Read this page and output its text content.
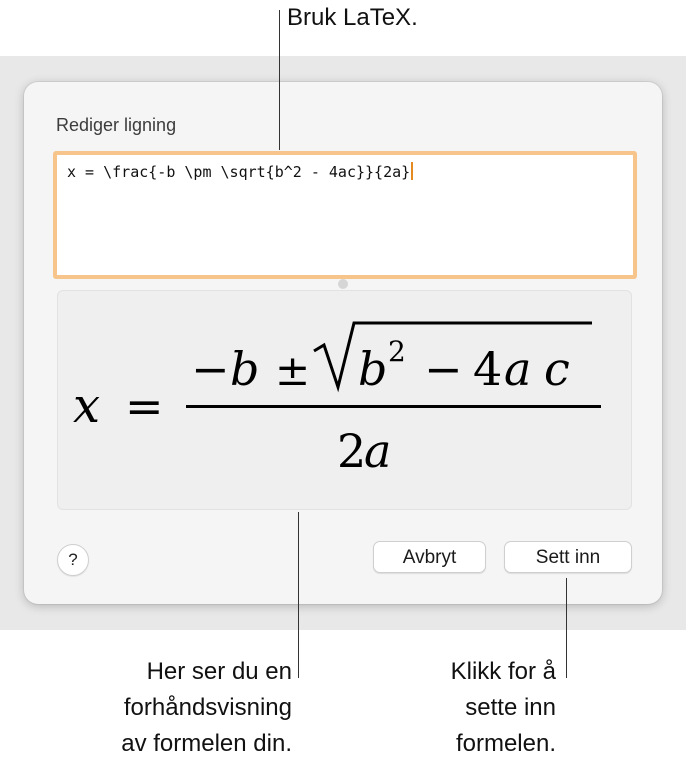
Rediger ligning
x = \frac{-b \pm \sqrt{b^2 - 4ac}}{2a}
x =
− b ± b 2 − 4 a c
2
a
?	Avbryt	Sett inn
Bruk LaTeX.
Her ser du en
forhåndsvisning
av formelen din.
Klikk for å
sette inn
formelen.
